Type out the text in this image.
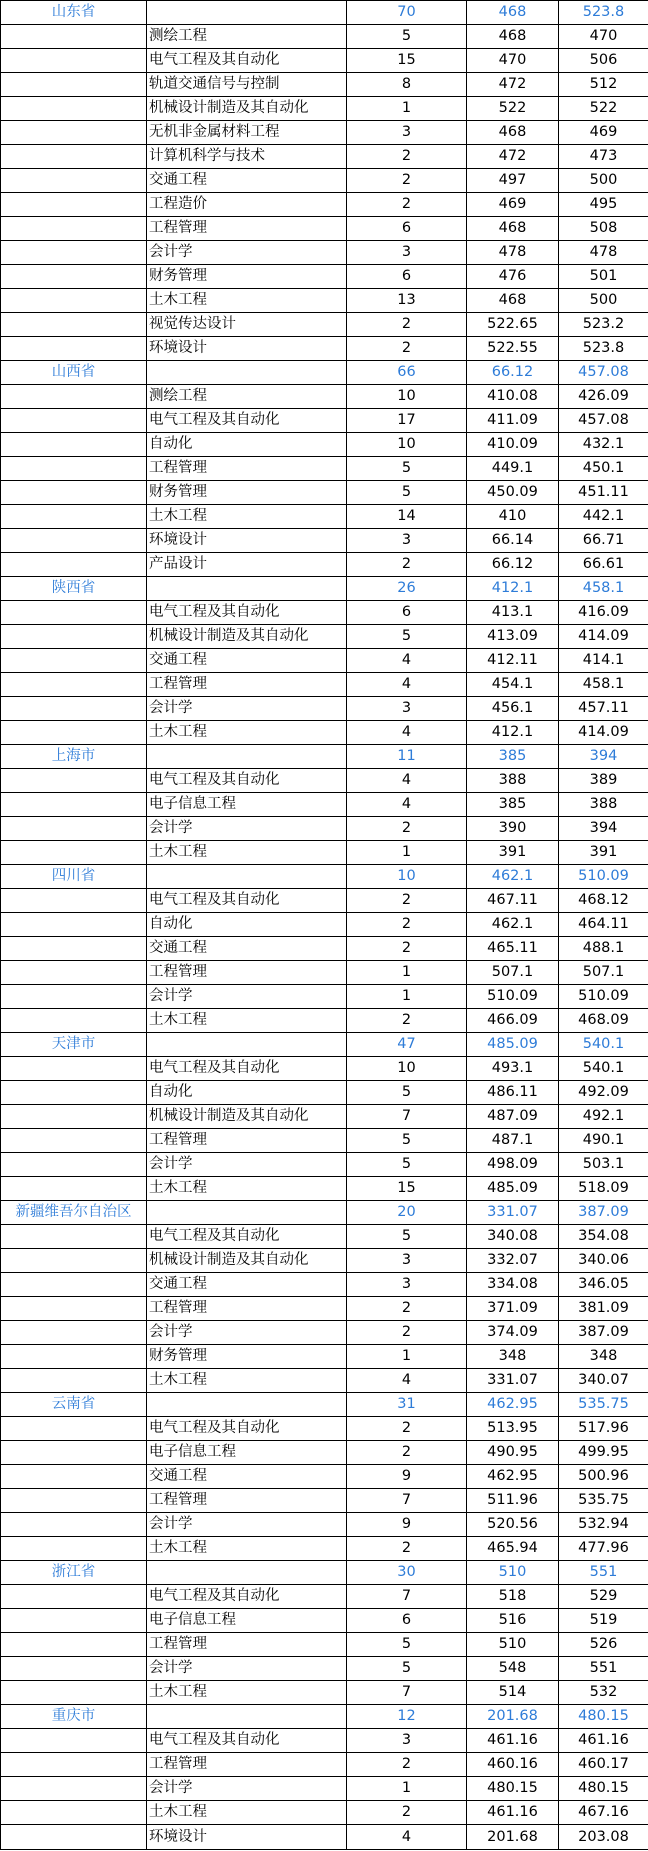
山东省		70	468	523.8
	测绘工程	5	468	470
	电气工程及其自动化	15	470	506
	轨道交通信号与控制	8	472	512
	机械设计制造及其自动化	1	522	522
	无机非金属材料工程	3	468	469
	计算机科学与技术	2	472	473
	交通工程	2	497	500
	工程造价	2	469	495
	工程管理	6	468	508
	会计学	3	478	478
	财务管理	6	476	501
	土木工程	13	468	500
	视觉传达设计	2	522.65	523.2
	环境设计	2	522.55	523.8
山西省		66	66.12	457.08
	测绘工程	10	410.08	426.09
	电气工程及其自动化	17	411.09	457.08
	自动化	10	410.09	432.1
	工程管理	5	449.1	450.1
	财务管理	5	450.09	451.11
	土木工程	14	410	442.1
	环境设计	3	66.14	66.71
	产品设计	2	66.12	66.61
陕西省		26	412.1	458.1
	电气工程及其自动化	6	413.1	416.09
	机械设计制造及其自动化	5	413.09	414.09
	交通工程	4	412.11	414.1
	工程管理	4	454.1	458.1
	会计学	3	456.1	457.11
	土木工程	4	412.1	414.09
上海市		11	385	394
	电气工程及其自动化	4	388	389
	电子信息工程	4	385	388
	会计学	2	390	394
	土木工程	1	391	391
四川省		10	462.1	510.09
	电气工程及其自动化	2	467.11	468.12
	自动化	2	462.1	464.11
	交通工程	2	465.11	488.1
	工程管理	1	507.1	507.1
	会计学	1	510.09	510.09
	土木工程	2	466.09	468.09
天津市		47	485.09	540.1
	电气工程及其自动化	10	493.1	540.1
	自动化	5	486.11	492.09
	机械设计制造及其自动化	7	487.09	492.1
	工程管理	5	487.1	490.1
	会计学	5	498.09	503.1
	土木工程	15	485.09	518.09
新疆维吾尔自治区		20	331.07	387.09
	电气工程及其自动化	5	340.08	354.08
	机械设计制造及其自动化	3	332.07	340.06
	交通工程	3	334.08	346.05
	工程管理	2	371.09	381.09
	会计学	2	374.09	387.09
	财务管理	1	348	348
	土木工程	4	331.07	340.07
云南省		31	462.95	535.75
	电气工程及其自动化	2	513.95	517.96
	电子信息工程	2	490.95	499.95
	交通工程	9	462.95	500.96
	工程管理	7	511.96	535.75
	会计学	9	520.56	532.94
	土木工程	2	465.94	477.96
浙江省		30	510	551
	电气工程及其自动化	7	518	529
	电子信息工程	6	516	519
	工程管理	5	510	526
	会计学	5	548	551
	土木工程	7	514	532
重庆市		12	201.68	480.15
	电气工程及其自动化	3	461.16	461.16
	工程管理	2	460.16	460.17
	会计学	1	480.15	480.15
	土木工程	2	461.16	467.16
	环境设计	4	201.68	203.08
